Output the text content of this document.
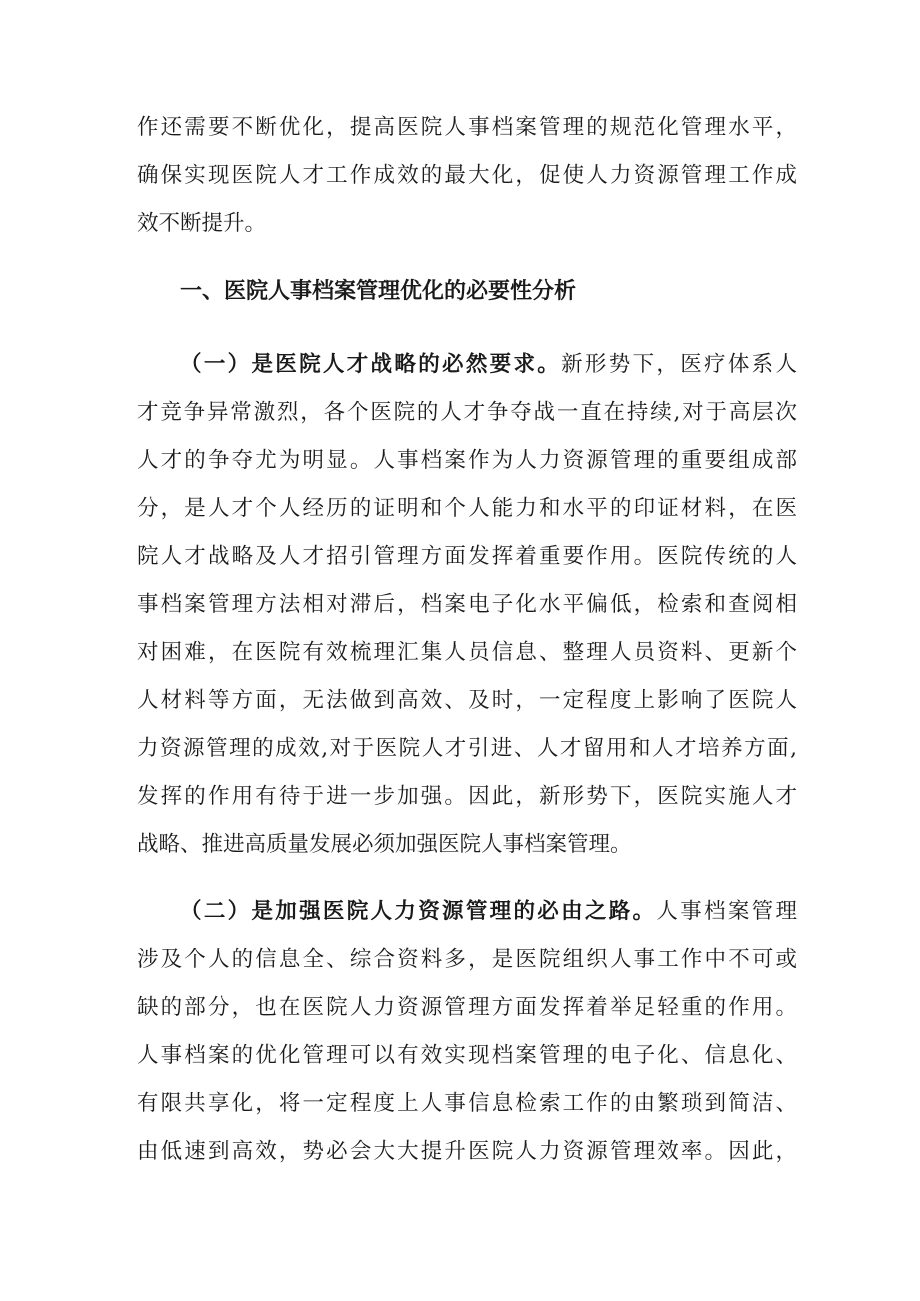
作还需要不断优化，提高医院人事档案管理的规范化管理水平，
确保实现医院人才工作成效的最大化，促使人力资源管理工作成
效不断提升。
一、医院人事档案管理优化的必要性分析
（一）是医院人才战略的必然要求。新形势下，医疗体系人
才竞争异常激烈，各个医院的人才争夺战一直在持续,对于高层次
人才的争夺尤为明显。人事档案作为人力资源管理的重要组成部
分，是人才个人经历的证明和个人能力和水平的印证材料，在医
院人才战略及人才招引管理方面发挥着重要作用。医院传统的人
事档案管理方法相对滞后，档案电子化水平偏低，检索和查阅相
对困难，在医院有效梳理汇集人员信息、整理人员资料、更新个
人材料等方面，无法做到高效、及时，一定程度上影响了医院人
力资源管理的成效,对于医院人才引进、人才留用和人才培养方面,
发挥的作用有待于进一步加强。因此，新形势下，医院实施人才
战略、推进高质量发展必须加强医院人事档案管理。
（二）是加强医院人力资源管理的必由之路。人事档案管理
涉及个人的信息全、综合资料多，是医院组织人事工作中不可或
缺的部分，也在医院人力资源管理方面发挥着举足轻重的作用。
人事档案的优化管理可以有效实现档案管理的电子化、信息化、
有限共享化，将一定程度上人事信息检索工作的由繁琐到简洁、
由低速到高效，势必会大大提升医院人力资源管理效率。因此，
